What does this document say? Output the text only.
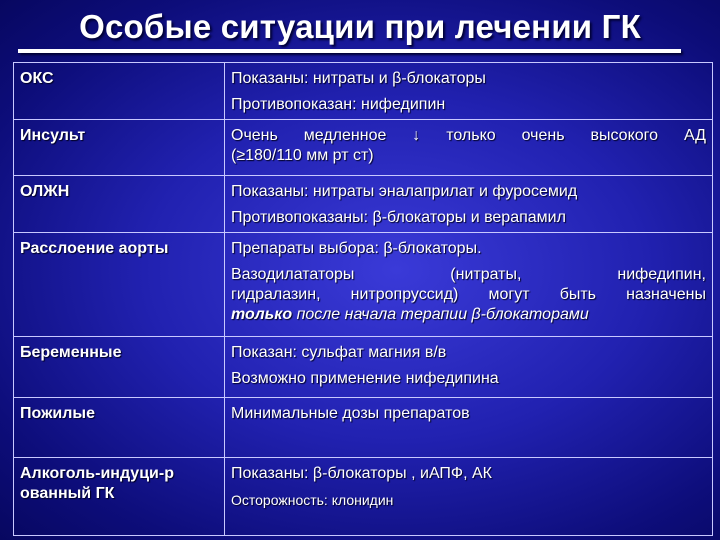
Особые ситуации при лечении ГК
ОКС	Показаны: нитраты и β-блокаторы
Противопоказан: нифедипин

Инсульт	Очень медленное ↓ только очень высокого АД
(≥180/110 мм рт ст)

ОЛЖН	Показаны: нитраты эналаприлат и фуросемид
Противопоказаны: β-блокаторы и верапамил

Расслоение аорты	Препараты выбора: β-блокаторы.
Вазодилататоры (нитраты, нифедипин,
гидралазин, нитропруссид) могут быть назначены
только после начала терапии β-блокаторами

Беременные	Показан: сульфат магния в/в
Возможно применение нифедипина

Пожилые	Минимальные дозы препаратов

Алкоголь-индуци-р
ованный ГК	Показаны: β-блокаторы , иАПФ, АК
Осторожность: клонидин
